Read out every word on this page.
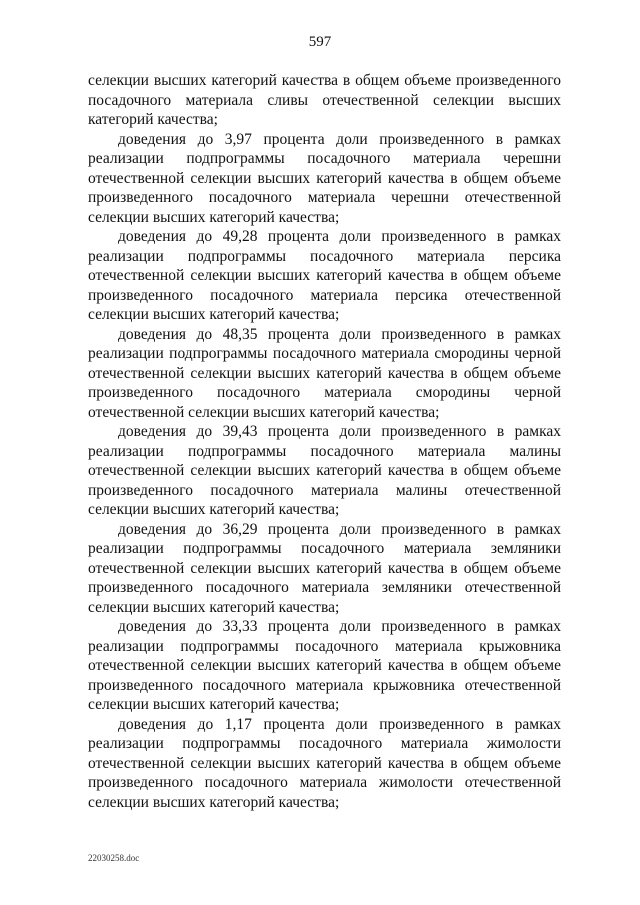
597

селекции высших категорий качества в общем объеме произведенного посадочного материала сливы отечественной селекции высших категорий качества;

доведения до 3,97 процента доли произведенного в рамках реализации подпрограммы посадочного материала черешни отечественной селекции высших категорий качества в общем объеме произведенного посадочного материала черешни отечественной селекции высших категорий качества;

доведения до 49,28 процента доли произведенного в рамках реализации подпрограммы посадочного материала персика отечественной селекции высших категорий качества в общем объеме произведенного посадочного материала персика отечественной селекции высших категорий качества;

доведения до 48,35 процента доли произведенного в рамках реализации подпрограммы посадочного материала смородины черной отечественной селекции высших категорий качества в общем объеме произведенного посадочного материала смородины черной отечественной селекции высших категорий качества;

доведения до 39,43 процента доли произведенного в рамках реализации подпрограммы посадочного материала малины отечественной селекции высших категорий качества в общем объеме произведенного посадочного материала малины отечественной селекции высших категорий качества;

доведения до 36,29 процента доли произведенного в рамках реализации подпрограммы посадочного материала земляники отечественной селекции высших категорий качества в общем объеме произведенного посадочного материала земляники отечественной селекции высших категорий качества;

доведения до 33,33 процента доли произведенного в рамках реализации подпрограммы посадочного материала крыжовника отечественной селекции высших категорий качества в общем объеме произведенного посадочного материала крыжовника отечественной селекции высших категорий качества;

доведения до 1,17 процента доли произведенного в рамках реализации подпрограммы посадочного материала жимолости отечественной селекции высших категорий качества в общем объеме произведенного посадочного материала жимолости отечественной селекции высших категорий качества;

22030258.doc
